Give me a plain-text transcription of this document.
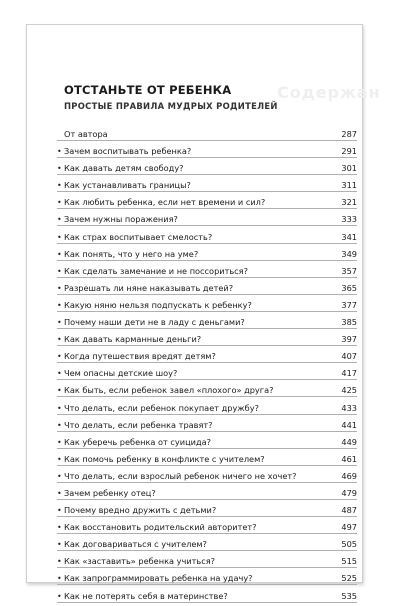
Содержан
ОТСТАНЬТЕ ОТ РЕБЕНКА
ПРОСТЫЕ ПРАВИЛА МУДРЫХ РОДИТЕЛЕЙ
От автора	287
• Зачем воспитывать ребенка?	291
• Как давать детям свободу?	301
• Как устанавливать границы?	311
• Как любить ребенка, если нет времени и сил?	321
• Зачем нужны поражения?	333
• Как страх воспитывает смелость?	341
• Как понять, что у него на уме?	349
• Как сделать замечание и не поссориться?	357
• Разрешать ли няне наказывать детей?	365
• Какую няню нельзя подпускать к ребенку?	377
• Почему наши дети не в ладу с деньгами?	385
• Как давать карманные деньги?	397
• Когда путешествия вредят детям?	407
• Чем опасны детские шоу?	417
• Как быть, если ребенок завел «плохого» друга?	425
• Что делать, если ребенок покупает дружбу?	433
• Что делать, если ребенка травят?	441
• Как уберечь ребенка от суицида?	449
• Как помочь ребенку в конфликте с учителем?	461
• Что делать, если взрослый ребенок ничего не хочет?	469
• Зачем ребенку отец?	479
• Почему вредно дружить с детьми?	487
• Как восстановить родительский авторитет?	497
• Как договариваться с учителем?	505
• Как «заставить» ребенка учиться?	515
• Как запрограммировать ребенка на удачу?	525
• Как не потерять себя в материнстве?	535
